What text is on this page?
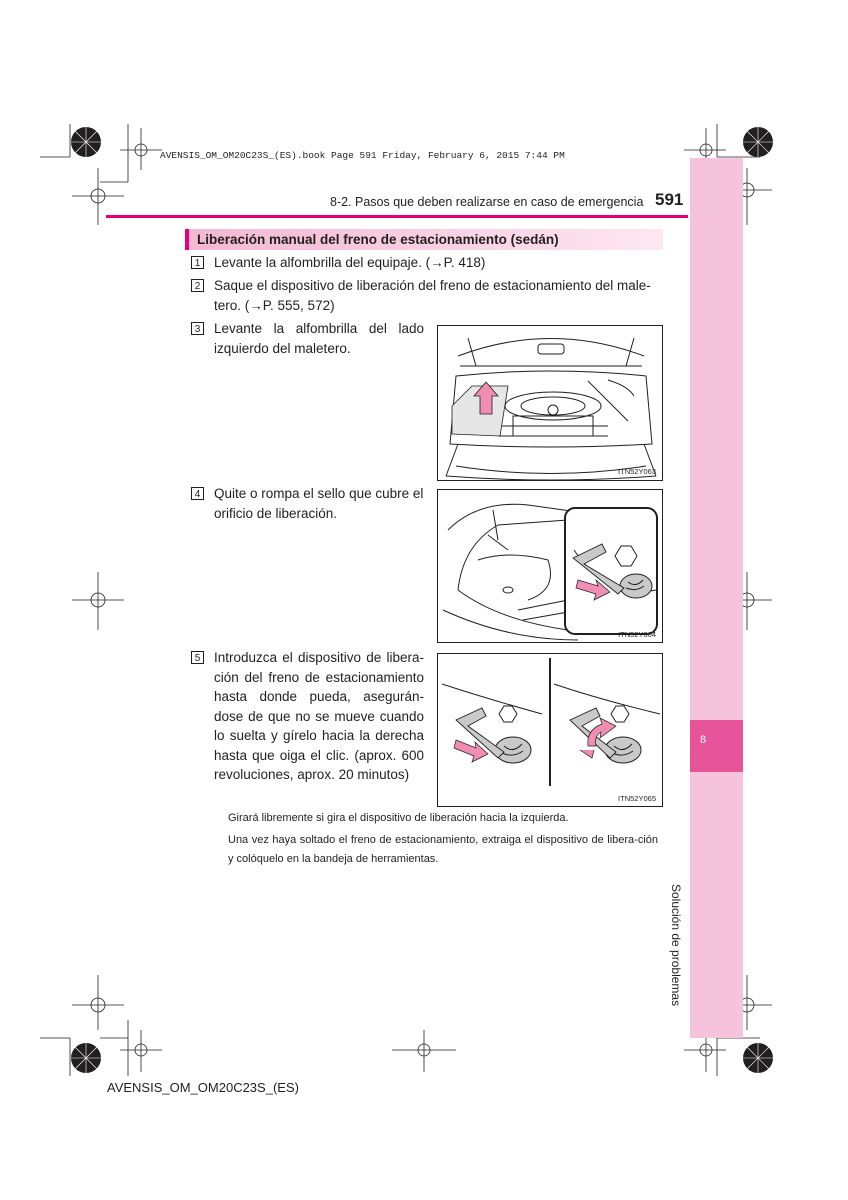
AVENSIS_OM_OM20C23S_(ES).book Page 591 Friday, February 6, 2015 7:44 PM
8
Solución de problemas
8-2. Pasos que deben realizarse en caso de emergencia 591
Liberación manual del freno de estacionamiento (sedán)
1 Levante la alfombrilla del equipaje. (→P. 418)
2 Saque el dispositivo de liberación del freno de estacionamiento del male-
tero. (→P. 555, 572)
3 Levante la alfombrilla del lado izquierdo del maletero.
ITN52Y063
4 Quite o rompa el sello que cubre el orificio de liberación.
ITN52Y064
5 Introduzca el dispositivo de libera-ción del freno de estacionamiento hasta donde pueda, asegurán-dose de que no se mueve cuando lo suelta y gírelo hacia la derecha hasta que oiga el clic. (aprox. 600 revoluciones, aprox. 20 minutos)
ITN52Y065
Girará libremente si gira el dispositivo de liberación hacia la izquierda.
Una vez haya soltado el freno de estacionamiento, extraiga el dispositivo de libera-ción y colóquelo en la bandeja de herramientas.
AVENSIS_OM_OM20C23S_(ES)
